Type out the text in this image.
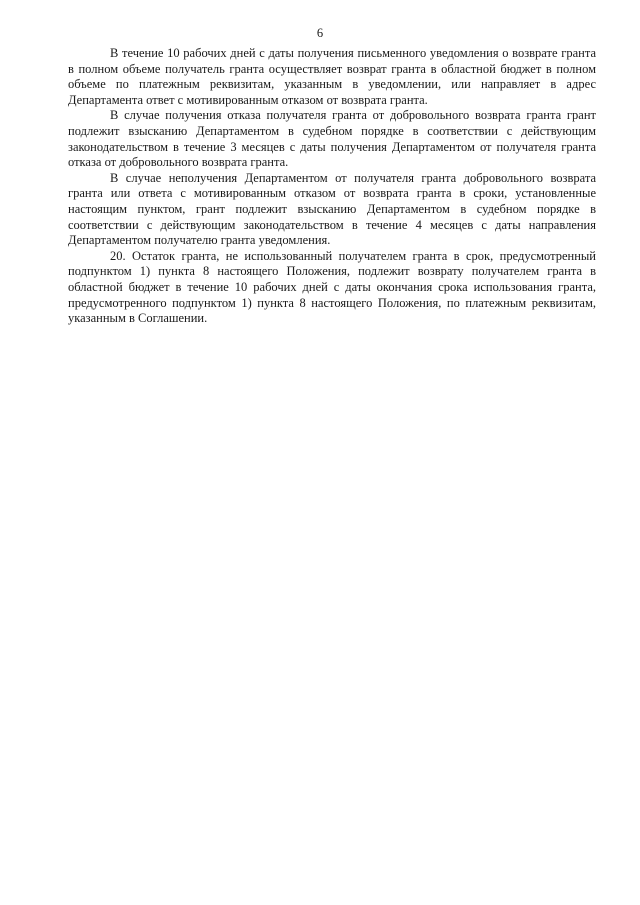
6

В течение 10 рабочих дней с даты получения письменного уведомления о возврате гранта в полном объеме получатель гранта осуществляет возврат гранта в областной бюджет в полном объеме по платежным реквизитам, указанным в уведомлении, или направляет в адрес Департамента ответ с мотивированным отказом от возврата гранта.

В случае получения отказа получателя гранта от добровольного возврата гранта грант подлежит взысканию Департаментом в судебном порядке в соответствии с действующим законодательством в течение 3 месяцев с даты получения Департаментом от получателя гранта отказа от добровольного возврата гранта.

В случае неполучения Департаментом от получателя гранта добровольного возврата гранта или ответа с мотивированным отказом от возврата гранта в сроки, установленные настоящим пунктом, грант подлежит взысканию Департаментом в судебном порядке в соответствии с действующим законодательством в течение 4 месяцев с даты направления Департаментом получателю гранта уведомления.

20. Остаток гранта, не использованный получателем гранта в срок, предусмотренный подпунктом 1) пункта 8 настоящего Положения, подлежит возврату получателем гранта в областной бюджет в течение 10 рабочих дней с даты окончания срока использования гранта, предусмотренного подпунктом 1) пункта 8 настоящего Положения, по платежным реквизитам, указанным в Соглашении.
